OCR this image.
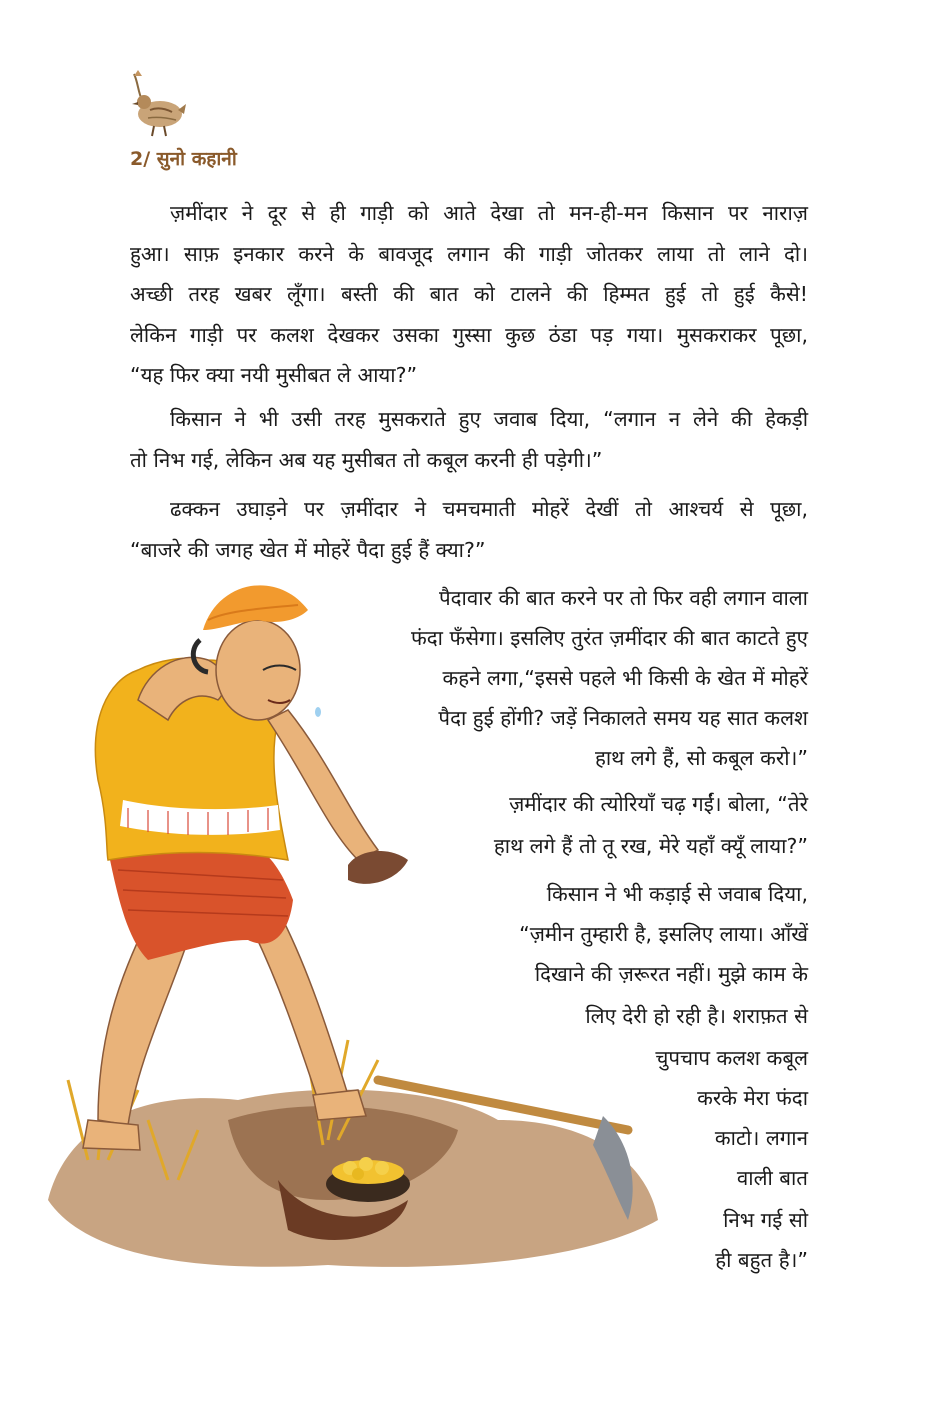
2/ सुनो कहानी
ज़मींदार ने दूर से ही गाड़ी को आते देखा तो मन-ही-मन किसान पर नाराज़
हुआ। साफ़ इनकार करने के बावजूद लगान की गाड़ी जोतकर लाया तो लाने दो।
अच्छी तरह खबर लूँगा। बस्ती की बात को टालने की हिम्मत हुई तो हुई कैसे!
लेकिन गाड़ी पर कलश देखकर उसका गुस्सा कुछ ठंडा पड़ गया। मुसकराकर पूछा,
“यह फिर क्या नयी मुसीबत ले आया?”
किसान ने भी उसी तरह मुसकराते हुए जवाब दिया, “लगान न लेने की हेकड़ी
तो निभ गई, लेकिन अब यह मुसीबत तो कबूल करनी ही पड़ेगी।”
ढक्कन उघाड़ने पर ज़मींदार ने चमचमाती मोहरें देखीं तो आश्चर्य से पूछा,
“बाजरे की जगह खेत में मोहरें पैदा हुई हैं क्या?”
पैदावार की बात करने पर तो फिर वही लगान वाला
फंदा फँसेगा। इसलिए तुरंत ज़मींदार की बात काटते हुए
कहने लगा,“इससे पहले भी किसी के खेत में मोहरें
पैदा हुई होंगी? जड़ें निकालते समय यह सात कलश
हाथ लगे हैं, सो कबूल करो।”
ज़मींदार की त्योरियाँ चढ़ गईं। बोला, “तेरे
हाथ लगे हैं तो तू रख, मेरे यहाँ क्यूँ लाया?”
किसान ने भी कड़ाई से जवाब दिया,
“ज़मीन तुम्हारी है, इसलिए लाया। आँखें
दिखाने की ज़रूरत नहीं। मुझे काम के
लिए देरी हो रही है। शराफ़त से
चुपचाप कलश कबूल
करके मेरा फंदा
काटो। लगान
वाली बात
निभ गई सो
ही बहुत है।”
